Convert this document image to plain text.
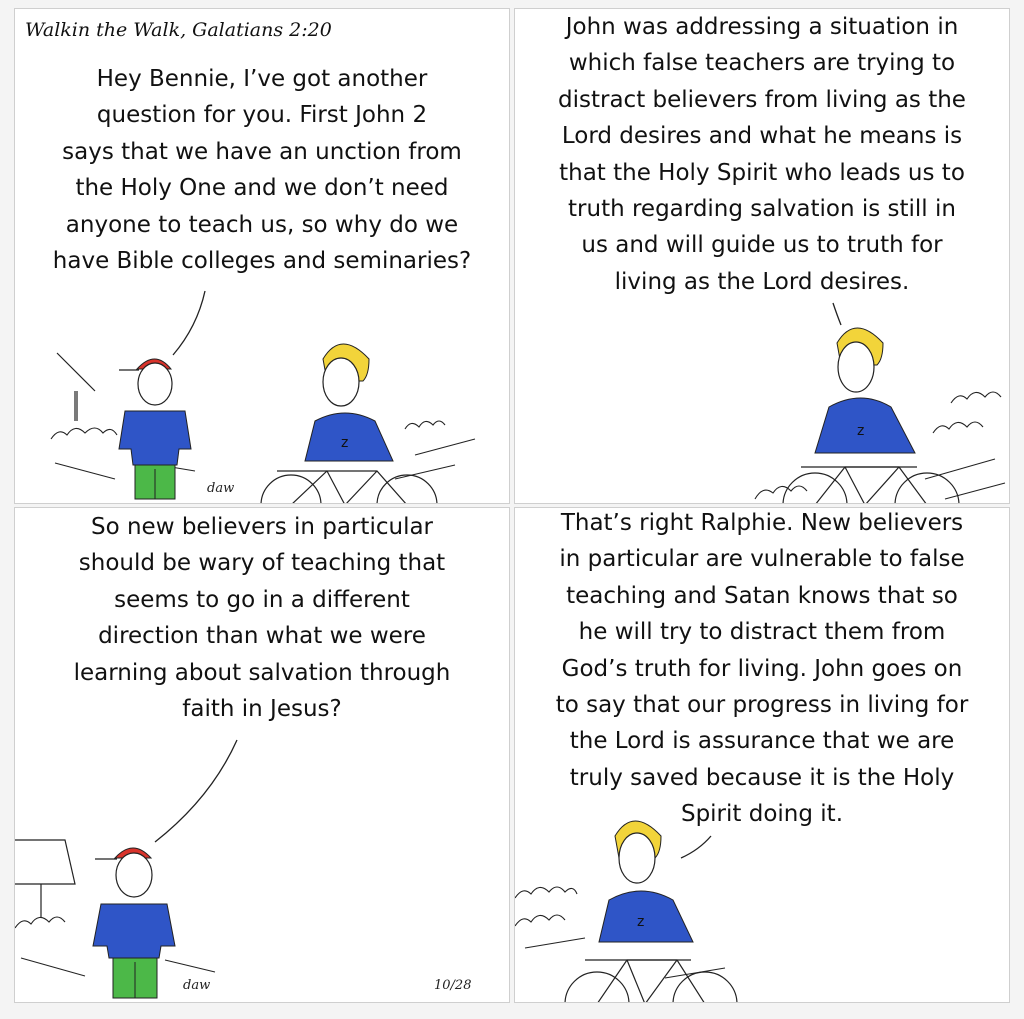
z
Walkin the Walk, Galatians 2:20
Hey Bennie, I’ve got another
question for you. First John 2
says that we have an unction from
the Holy One and we don’t need
anyone to teach us, so why do we
have Bible colleges and seminaries?
daw
z
John was addressing a situation in
which false teachers are trying to
distract believers from living as the
Lord desires and what he means is
that the Holy Spirit who leads us to
truth regarding salvation is still in
us and will guide us to truth for
living as the Lord desires.
So new believers in particular
should be wary of teaching that
seems to go in a different
direction than what we were
learning about salvation through
faith in Jesus?
daw	10/28
z
That’s right Ralphie. New believers
in particular are vulnerable to false
teaching and Satan knows that so
he will try to distract them from
God’s truth for living. John goes on
to say that our progress in living for
the Lord is assurance that we are
truly saved because it is the Holy
Spirit doing it.
